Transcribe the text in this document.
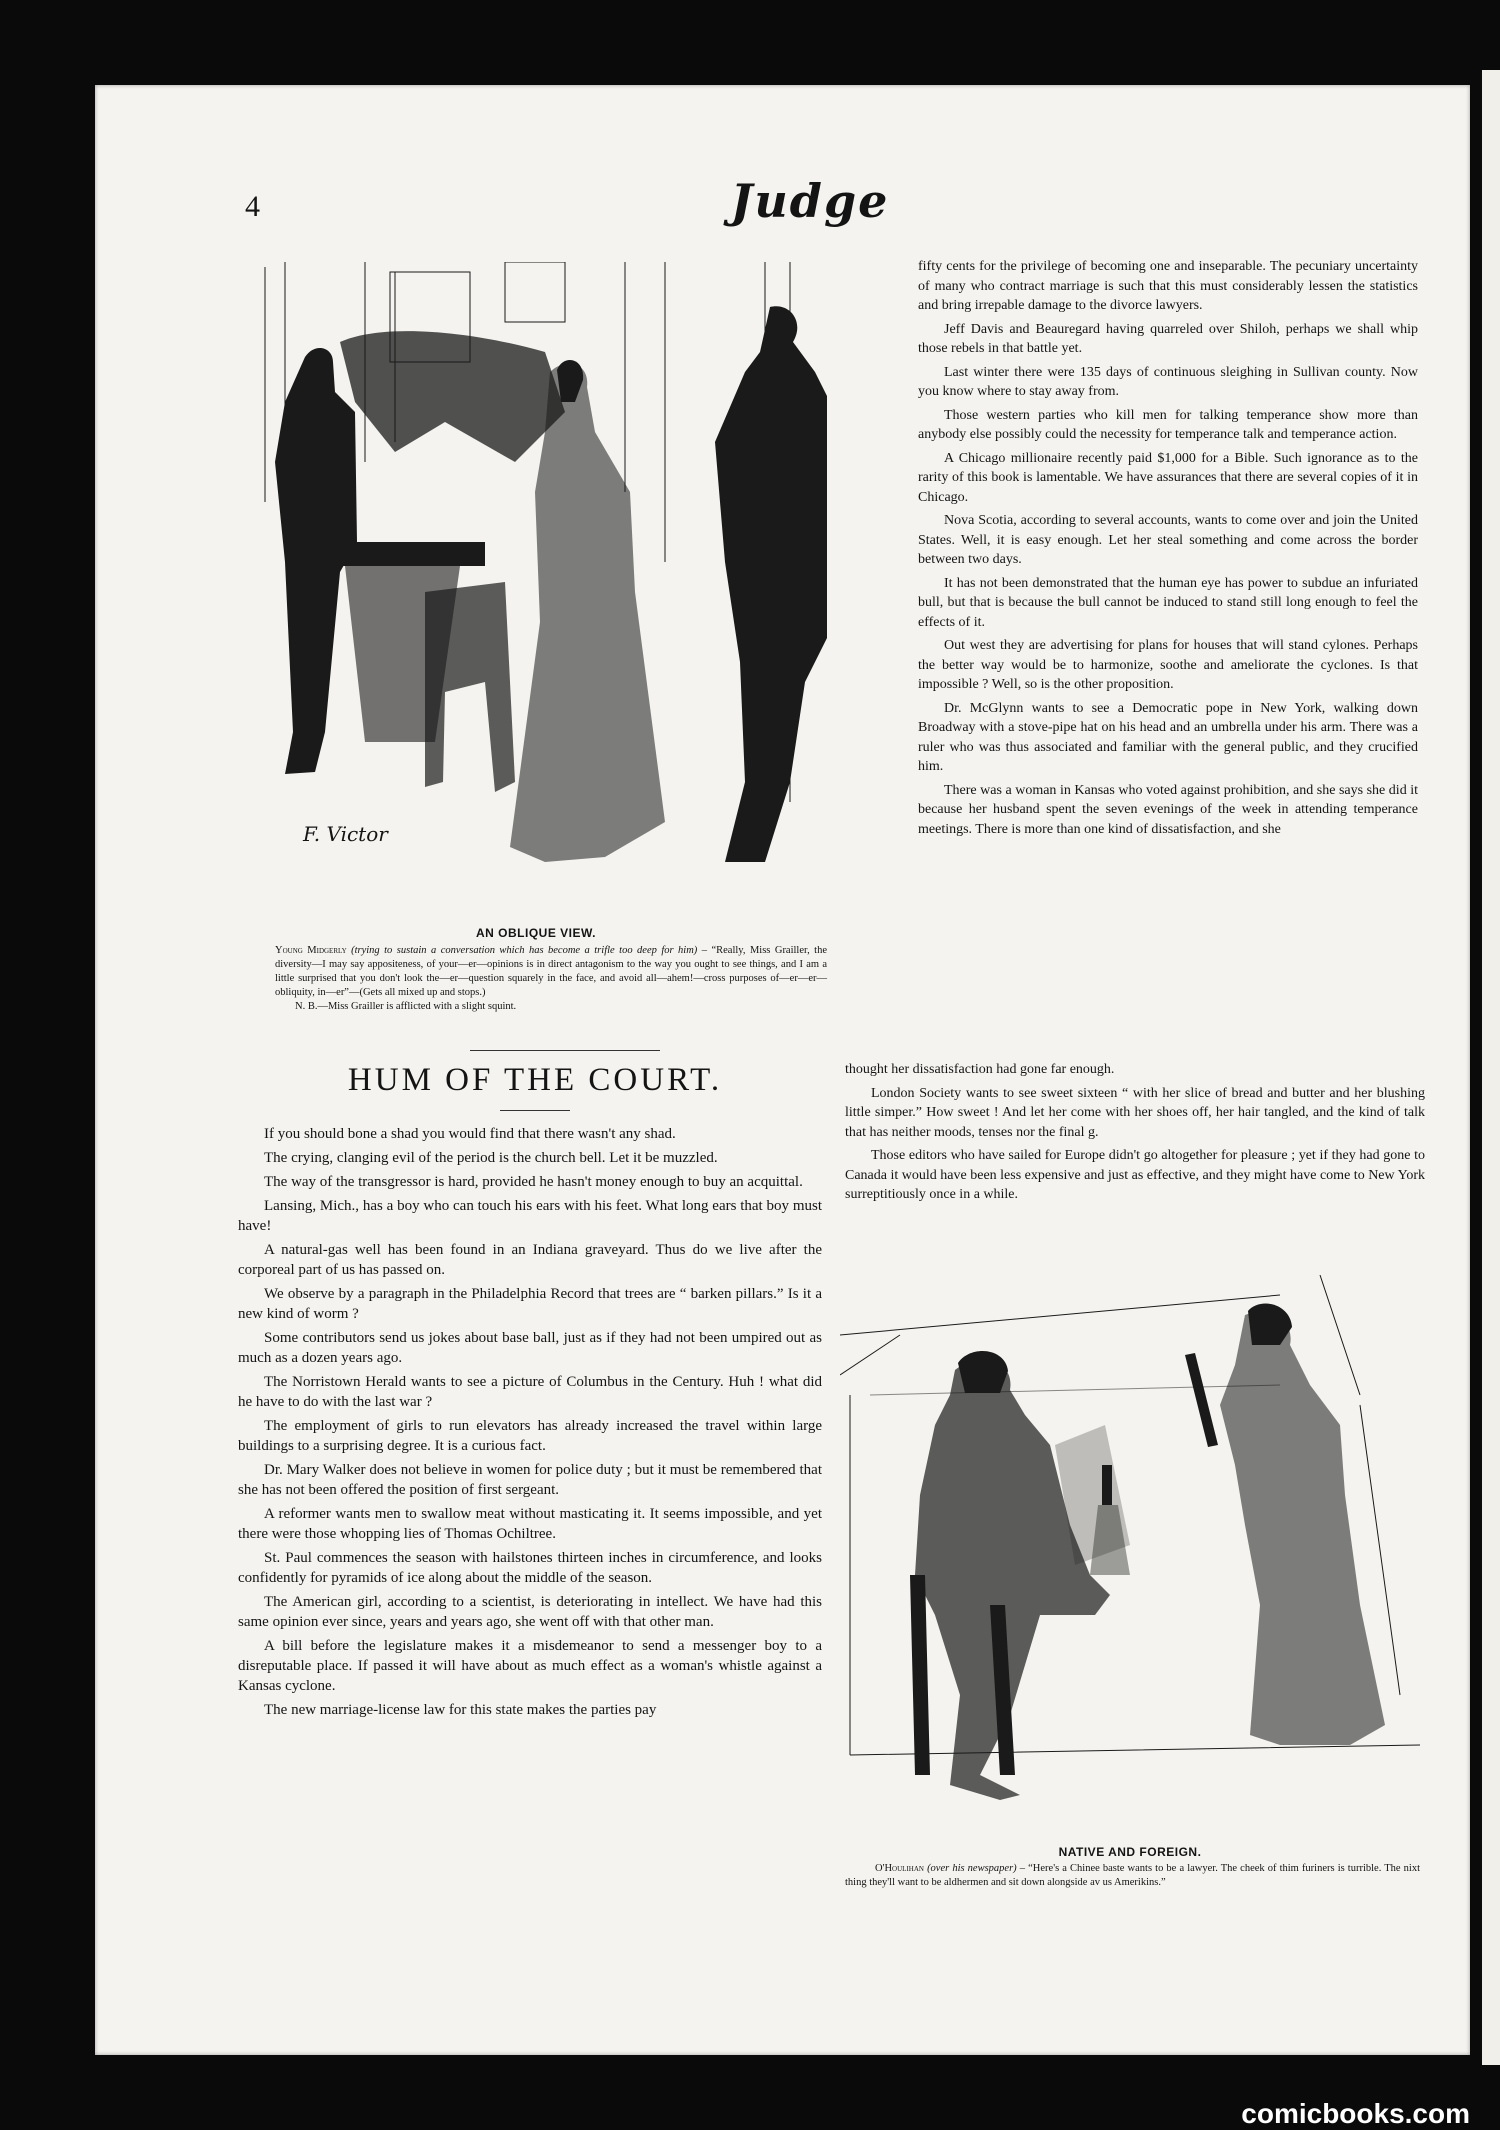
4	Judge
F. Victor
AN OBLIQUE VIEW.
Young Midgerly (trying to sustain a conversation which has become a trifle too deep for him) – “Really, Miss Grailler, the diversity—I may say appositeness, of your—er—opinions is in direct antagonism to the way you ought to see things, and I am a little surprised that you don't look the—er—question squarely in the face, and avoid all—ahem!—cross purposes of—er—er—obliquity, in—er”—(Gets all mixed up and stops.)
N. B.—Miss Grailler is afflicted with a slight squint.
HUM OF THE COURT.

If you should bone a shad you would find that there wasn't any shad.

The crying, clanging evil of the period is the church bell. Let it be muzzled.

The way of the transgressor is hard, provided he hasn't money enough to buy an acquittal.

Lansing, Mich., has a boy who can touch his ears with his feet. What long ears that boy must have!

A natural-gas well has been found in an Indiana graveyard. Thus do we live after the corporeal part of us has passed on.

We observe by a paragraph in the Philadelphia Record that trees are “ barken pillars.” Is it a new kind of worm ?

Some contributors send us jokes about base ball, just as if they had not been umpired out as much as a dozen years ago.

The Norristown Herald wants to see a picture of Columbus in the Century. Huh ! what did he have to do with the last war ?

The employment of girls to run elevators has already increased the travel within large buildings to a surprising degree. It is a curious fact.

Dr. Mary Walker does not believe in women for police duty ; but it must be remembered that she has not been offered the position of first sergeant.

A reformer wants men to swallow meat without masticating it. It seems impossible, and yet there were those whopping lies of Thomas Ochiltree.

St. Paul commences the season with hailstones thirteen inches in circumference, and looks confidently for pyramids of ice along about the middle of the season.

The American girl, according to a scientist, is deteriorating in intellect. We have had this same opinion ever since, years and years ago, she went off with that other man.

A bill before the legislature makes it a misdemeanor to send a messenger boy to a disreputable place. If passed it will have about as much effect as a woman's whistle against a Kansas cyclone.

The new marriage-license law for this state makes the parties pay

fifty cents for the privilege of becoming one and inseparable. The pecuniary uncertainty of many who contract marriage is such that this must considerably lessen the statistics and bring irrepable damage to the divorce lawyers.

Jeff Davis and Beauregard having quarreled over Shiloh, perhaps we shall whip those rebels in that battle yet.

Last winter there were 135 days of continuous sleighing in Sullivan county. Now you know where to stay away from.

Those western parties who kill men for talking temperance show more than anybody else possibly could the necessity for temperance talk and temperance action.

A Chicago millionaire recently paid $1,000 for a Bible. Such ignorance as to the rarity of this book is lamentable. We have assurances that there are several copies of it in Chicago.

Nova Scotia, according to several accounts, wants to come over and join the United States. Well, it is easy enough. Let her steal something and come across the border between two days.

It has not been demonstrated that the human eye has power to subdue an infuriated bull, but that is because the bull cannot be induced to stand still long enough to feel the effects of it.

Out west they are advertising for plans for houses that will stand cylones. Perhaps the better way would be to harmonize, soothe and ameliorate the cyclones. Is that impossible ? Well, so is the other proposition.

Dr. McGlynn wants to see a Democratic pope in New York, walking down Broadway with a stove-pipe hat on his head and an umbrella under his arm. There was a ruler who was thus associated and familiar with the general public, and they crucified him.

There was a woman in Kansas who voted against prohibition, and she says she did it because her husband spent the seven evenings of the week in attending temperance meetings. There is more than one kind of dissatisfaction, and she

thought her dissatisfaction had gone far enough.

London Society wants to see sweet sixteen “ with her slice of bread and butter and her blushing little simper.” How sweet ! And let her come with her shoes off, her hair tangled, and the kind of talk that has neither moods, tenses nor the final g.

Those editors who have sailed for Europe didn't go altogether for pleasure ; yet if they had gone to Canada it would have been less expensive and just as effective, and they might have come to New York surreptitiously once in a while.

NATIVE AND FOREIGN.
O'Houlihan (over his newspaper) – “Here's a Chinee baste wants to be a lawyer. The cheek of thim furiners is turrible. The nixt thing they'll want to be aldhermen and sit down alongside av us Amerikins.”
comicbooks.com
